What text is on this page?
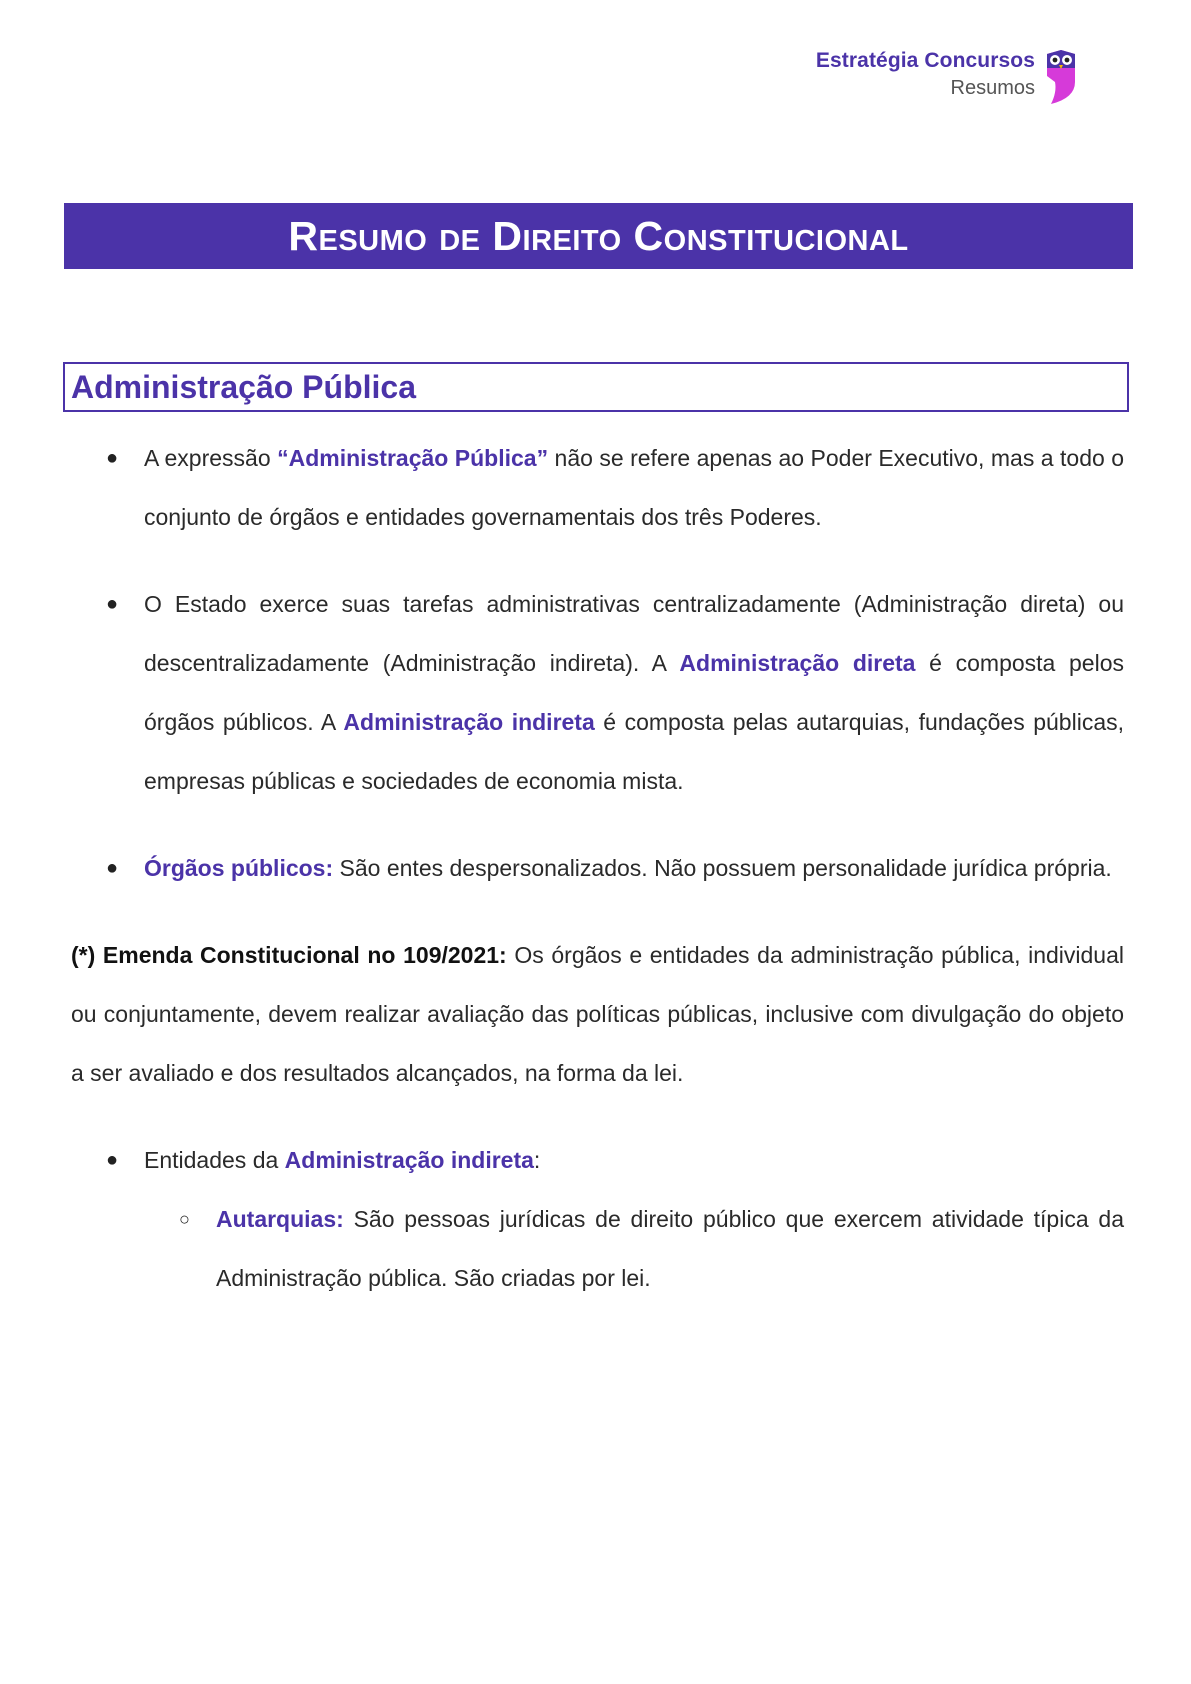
Estratégia Concursos
Resumos
Resumo de Direito Constitucional
Administração Pública
● A expressão “Administração Pública” não se refere apenas ao Poder Executivo, mas a todo o conjunto de órgãos e entidades governamentais dos três Poderes.
● O Estado exerce suas tarefas administrativas centralizadamente (Administração direta) ou descentralizadamente (Administração indireta). A Administração direta é composta pelos órgãos públicos. A Administração indireta é composta pelas autarquias, fundações públicas, empresas públicas e sociedades de economia mista.
● Órgãos públicos: São entes despersonalizados. Não possuem personalidade jurídica própria.
(*) Emenda Constitucional no 109/2021: Os órgãos e entidades da administração pública, individual ou conjuntamente, devem realizar avaliação das políticas públicas, inclusive com divulgação do objeto a ser avaliado e dos resultados alcançados, na forma da lei.
● Entidades da Administração indireta:
○ Autarquias: São pessoas jurídicas de direito público que exercem atividade típica da Administração pública. São criadas por lei.
